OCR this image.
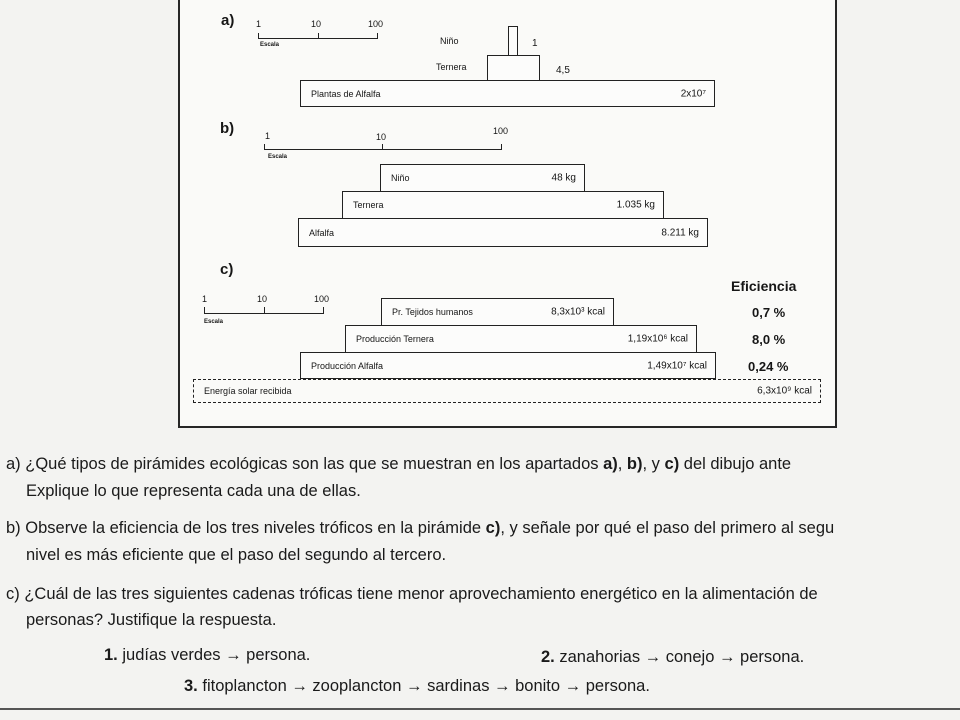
a) 1	10	100
Escala	Niño	1
Ternera	4,5
Plantas de Alfalfa	2x10⁷
b)	1	10
100
Escala
Niño	48 kg
Ternera	1.035 kg
Alfalfa	8.211 kg
c)
1	10	100
Escala
Eficiencia
Pr. Tejidos humanos	8,3x10³ kcal	0,7 %
Producción Ternera	1,19x10⁶ kcal	8,0 %
Producción Alfalfa	1,49x10⁷ kcal	0,24 %
Energía solar recibida	6,3x10⁹ kcal
a) ¿Qué tipos de pirámides ecológicas son las que se muestran en los apartados a), b), y c) del dibujo ante
Explique lo que representa cada una de ellas.
b) Observe la eficiencia de los tres niveles tróficos en la pirámide c), y señale por qué el paso del primero al segu
nivel es más eficiente que el paso del segundo al tercero.
c) ¿Cuál de las tres siguientes cadenas tróficas tiene menor aprovechamiento energético en la alimentación de
personas? Justifique la respuesta.
1. judías verdes → persona.	2. zanahorias → conejo → persona.
3. fitoplancton → zooplancton → sardinas → bonito → persona.
